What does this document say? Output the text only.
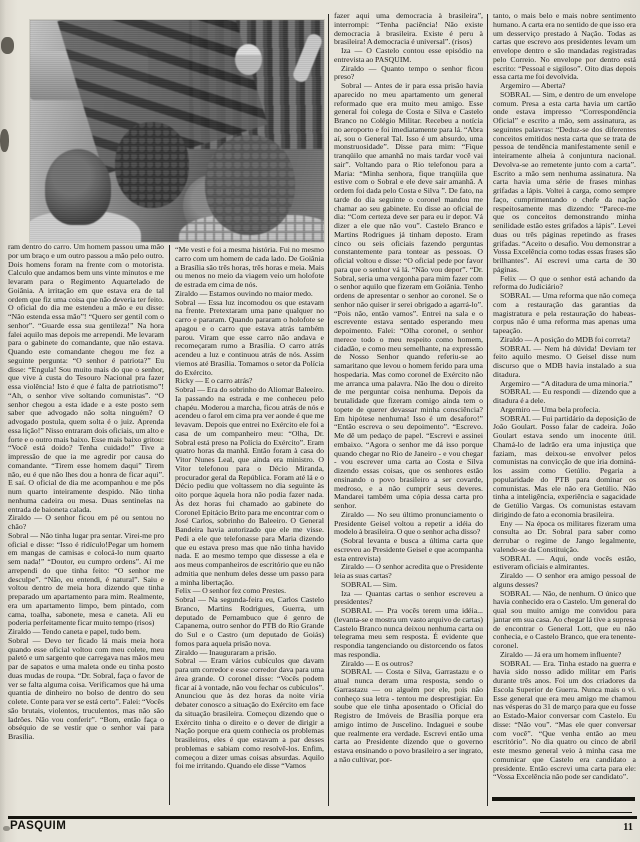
ram dentro do carro. Um homem passou uma mão por um braço e um outro passou a mão pelo outro. Dois homens foram na frente com o motorista. Calculo que andamos bem uns vinte minutos e me levaram para o Regimento Aquartelado de Goiânia. A irritação em que estava era de tal ordem que fiz uma coisa que não deveria ter feito. O oficial do dia me estendeu a mão e eu disse: “Não estenda essa mão”! “Quero ser gentil com o senhor”. “Guarde essa sua gentileza!” Na hora falei aquilo mas depois me arrependi. Me levaram para o gabinete do comandante, que não estava. Quando este comandante chegou me fez a seguinte pergunta: “O senhor é patriota?” Eu disse: “Engula! Sou muito mais do que o senhor, que vive à custa do Tesouro Nacional pra fazer essa violência! Isto é que é falta de patriotismo”! “Ah, o senhor vive soltando comunistas”. “O senhor chegou a esta idade e a este posto sem saber que advogado não solta ninguém? O advogado postula, quem solta é o juiz. Aprenda essa lição!” Nisso entraram dois oficiais, um alto e forte e o outro mais baixo. Esse mais baixo gritou: “Você está doido? Tenha cuidado!” Tive a impressão de que ia me agredir por causa do comandante. “Tirem esse homem daqui” Tirem não, eu é que não lhes dou a honra de ficar aqui”. E saí. O oficial de dia me acompanhou e me pôs num quarto inteiramente despido. Não tinha nenhuma cadeira ou mesa. Duas sentinelas na entrada de baioneta calada.

Ziraldo — O senhor ficou em pé ou sentou no chão?

Sobral — Não tinha lugar pra sentar. Virei-me pro oficial e disse: “Isso é ridículo!Pegar um homem em mangas de camisas e colocá-lo num quarto sem nada!” “Doutor, eu cumpro ordens”. Aí me arrependi do que tinha feito: “O senhor me desculpe”. “Não, eu entendi, é natural”. Saiu e voltou dentro de meia hora dizendo que tinha preparado um apartamento para mim. Realmente, era um apartamento limpo, bem pintado, com cama, toalha, sabonete, mesa e caneta. Ali eu poderia perfeitamente ficar muito tempo (risos)

Ziraldo — Tendo caneta e papel, tudo bem.

Sobral — Devo ter ficado lá mais meia hora quando esse oficial voltou com meu colete, meu paletó e um sargento que carregava nas mãos meu par de sapatos e uma maleta onde eu tinha posto duas mudas de roupa. “Dr. Sobral, faça o favor de ver se falta alguma coisa. Verificamos que há uma quantia de dinheiro no bolso de dentro do seu colete. Conte para ver se está certo”. Falei: “Vocês são brutais, violentos, truculentos, mas não são ladrões. Não vou conferir”. “Bom, então faça o obséquio de se vestir que o senhor vai para Brasília.

“Me vesti e foi a mesma história. Fui no mesmo carro com um homem de cada lado. De Goiânia a Brasília são três horas, três horas e meia. Mais ou menos no meio da viagem veio um holofote de estrada em cima de nós.

Ziraldo — Estamos ouvindo no maior medo.

Sobral — Essa luz incomodou os que estavam na frente. Pretextaram uma pane qualquer no carro e pararam. Quando pararam o holofote se apagou e o carro que estava atrás também parou. Viram que esse carro não andava e recomeçaram rumo a Brasília. O carro atrás acendeu a luz e continuou atrás de nós. Assim viemos até Brasília. Tomamos o setor da Polícia do Exército.

Ricky — E o carro atrás?

Sobral — Era do sobrinho do Aliomar Baleeiro. Ia passando na estrada e me conheceu pelo chapéu. Moderou a marcha, ficou atrás de nós e acendeu o farol em cima pra ver aonde é que me levavam. Depois que entrei no Exército ele foi a casa de um companheiro meu: “Olha, Dr. Sobral está preso na Polícia do Exército”. Eram quatro horas da manhã. Então foram à casa do Vitor Nunes Leal, que ainda era ministro. O Vitor telefonou para o Décio Miranda, procurador geral da República. Foram até lá e o Décio pediu que voltassem no dia seguinte às oito porque àquela hora não podia fazer nada. Às dez horas fui chamado ao gabinete do Coronel Epitácio Brito para me encontrar com o José Carlos, sobrinho do Baleeiro. O General Bandeira havia autorizado que ele me visse. Pedi a ele que telefonasse para Maria dizendo que eu estava preso mas que não tinha havido nada. E ao mesmo tempo que dissesse a ela e aos meus companheiros de escritório que eu não admitia que nenhum deles desse um passo para a minha libertação.

Felix — O senhor fez como Prestes.

Sobral — Na segunda-feira eu, Carlos Castelo Branco, Martins Rodrigues, Guerra, um deputado de Pernambuco que é genro de Capanema, outro senhor do PTB do Rio Grande do Sul e o Castro (um deputado de Goiás) fomos para aquela prisão nova.

Ziraldo — Inauguraram a prisão.

Sobral — Eram vários cubículos que davam para um corredor e esse corredor dava para uma área grande. O coronel disse: “Vocês podem ficar aí à vontade, não vou fechar os cubículos”. Anunciou que às dez horas da noite viria debater conosco a situação do Exército em face da situação brasileira. Começou dizendo que o Exército tinha o direito e o dever de dirigir a Nação porque era quem conhecia os problemas brasileiros, eles é que estavam a par desses problemas e sabiam como resolvê-los. Enfim, começou a dizer umas coisas absurdas. Aquilo foi me irritando. Quando ele disse “Vamos

fazer aqui uma democracia à brasileira”, interrompi: “Tenha paciência! Não existe democracia à brasileira. Existe é peru à brasileira! A democracia é universal”. (risos)

Iza — O Castelo contou esse episódio na entrevista ao PASQUIM.

Ziraldo — Quanto tempo o senhor ficou preso?

Sobral — Antes de ir para essa prisão havia aparecido no meu apartamento um general reformado que era muito meu amigo. Esse general foi colega de Costa e Silva e Castelo Branco no Colégio Militar. Recebeu a notícia no aeroporto e foi imediatamente para lá. “Abra aí, sou o General Tal. Isso é um absurdo, uma monstruosidade”. Disse para mim: “Fique tranqüilo que amanhã no mais tardar você vai sair”. Voltando para o Rio telefonou para a Maria: “Minha senhora, fique tranqüila que estive com o Sobral e ele deve sair amanhã. A ordem foi dada pelo Costa e Silva ”. De fato, na tarde do dia seguinte o coronel mandou me chamar ao seu gabinete. Eu disse ao oficial de dia: “Com certeza deve ser para eu ir depor. Vá dizer a ele que não vou”. Castelo Branco e Martins Rodrigues já tinham deposto. Eram cinco ou seis oficiais fazendo perguntas constantemente para tontear as pessoas. O oficial voltou e disse: “O oficial pede por favor para que o senhor vá lá. “Não vou depor”. “Dr. Sobral, seria uma vergonha para mim fazer com o senhor aquilo que fizeram em Goiânia. Tenho ordens de apresentar o senhor ao coronel. Se o senhor não quiser ir serei obrigado a agarrá-lo”. “Pois não, então vamos”. Entrei na sala e o escrevente estava sentado esperando meu depoimento. Falei: “Olha coronel, o senhor merece todo o meu respeito como homem, cidadão, e como meu semelhante, na expressão de Nosso Senhor quando referiu-se ao samaritano que levou o homem ferido para uma hospedaria. Mas como coronel de Exército não me arranca uma palavra. Não lhe dou o direito de me perguntar coisa nenhuma. Depois da brutalidade que fizeram comigo ainda tem o topete de querer devassar minha consciência? Em hipótese nenhuma! Isso é um desaforo!” “Então escreva o seu depoimento”. “Escrevo. Me dê um pedaço de papel. “Escrevi e assinei embaixo. “Agora o senhor me dá isso porque quando chegar no Rio de Janeiro - e vou chegar - vou escrever uma carta ao Costa e Silva dizendo essas coisas, que os senhores estão ensinando o povo brasileiro a ser covarde, medroso, e a não cumprir seus deveres. Mandarei também uma cópia dessa carta pro senhor.

Ziraldo — No seu último pronunciamento o Presidente Geisel voltou a repetir a idéia do modelo à brasileira. O que o senhor acha disso?

(Sobral levanta e busca a última carta que escreveu ao Presidente Geisel e que acompanha esta entrevista)

Ziraldo — O senhor acredita que o Presidente leia as suas cartas?

SOBRAL — Sim.

Iza — Quantas cartas o senhor escreveu a presidentes?

SOBRAL — Pra vocês terem uma idéia... (levanta-se e mostra um vasto arquivo de cartas) Castelo Branco nunca deixou nenhuma carta ou telegrama meu sem resposta. É evidente que respondia tangenciando ou distorcendo os fatos mas respondia.

Ziraldo — E os outros?

SOBRAL — Costa e Silva, Garrastazu e o atual nunca deram uma resposta, sendo o Garrastazu — ou alguém por ele, pois não conheço sua letra - tentou me desprestigiar. Eu soube que ele tinha aposentado o Oficial do Registro de Imóveis de Brasília porque era amigo íntimo de Juscelino. Indaguei e soube que realmente era verdade. Escrevi então uma carta ao Presidente dizendo que o governo estava ensinando o povo brasileiro a ser ingrato, a não cultivar, por-

tanto, o mais belo e mais nobre sentimento humano. A carta era no sentido de que isso era um desserviço prestado à Nação. Todas as cartas que escrevo aos presidentes levam um envelope dentro e são mandadas registradas pelo Correio. No envelope por dentro está escrito: “Pessoal e sigiloso”. Oito dias depois essa carta me foi devolvida.

Argemiro — Aberta?

SOBRAL — Sim, e dentro de um envelope comum. Presa a esta carta havia um cartão onde estava impresso “Correspondência Oficial” e escrito a mão, sem assinatura, as seguintes palavras: “Deduz-se dos diferentes conceitos emitidos nesta carta que se trata de pessoa de tendência manifestamente senil e inteiramente alheia à conjuntura nacional. Devolva-se ao remetente junto com a carta”. Escrito a mão sem nenhuma assinatura. Na carta havia uma série de frases minhas grifadas a lápis. Voltei à carga, como sempre faço, cumprimentando o chefe da nação respeitosamente mas dizendo: “Parece-me que os conceitos demonstrando minha senilidade estão estes grifados a lápis”. Levei duas ou três páginas repetindo as frases grifadas. “Aceito o desafio. Vou demonstrar a Vossa Excelência como todas essas frases são brilhantes”. Aí escrevi uma carta de 30 páginas.

Felix — O que o senhor está achando da reforma do Judiciário?

SOBRAL — Uma reforma que não começa com a restauração das garantias da magistratura e pela restauração do habeas-corpus não é uma reforma mas apenas uma tapeação.

Ziraldo — A posição do MDB foi correta?

SOBRAL — Nem há dúvida! Deviam ter feito aquilo mesmo. O Geisel disse num discurso que o MDB havia instalado a sua ditadura.

Argemiro — “A ditadura de uma minoria.”

SOBRAL — Eu respondi — dizendo que a ditadura é a dele.

Argemiro — Uma bela profecia.

SOBRAL — Fui partidário da deposição de João Goulart. Posso falar de cadeira. João Goulart estava sendo um inocente útil. Chamá-lo de ladrão era uma injustiça que faziam, mas deixou-se envolver pelos comunistas na convicção de que iria dominá-los assim como Getúlio. Pegaria a popularidade do PTB para dominar os comunistas. Mas ele não era Getúlio. Não tinha a inteligência, experiência e sagacidade de Getúlio Vargas. Os comunistas estavam dirigindo de fato a economia brasileira.

Eny — Na época os militares fizeram uma consulta ao Dr. Sobral para saber como derrubar o regime de Jango legalmente, valendo-se da Constituição.

SOBRAL — Aqui, onde vocês estão, estiveram oficiais e almirantes.

Ziraldo — O senhor era amigo pessoal de alguns desses?

SOBRAL — Não, de nenhum. O único que havia conhecido era o Castelo. Um general do qual sou muito amigo me convidou para jantar em sua casa. Ao chegar lá tive a supresa de encontrar o General Lott, que eu não conhecia, e o Castelo Branco, que era tenente-coronel.

Ziraldo — Já era um homem influente?

SOBRAL — Era. Tinha estado na guerra e havia sido nosso adido militar em Paris durante três anos. Foi um dos criadores da Escola Superior de Guerra. Nunca mais o vi. Esse general que era meu amigo me chamou nas vésperas do 31 de março para que eu fosse ao Estado-Maior conversar com Castelo. Eu disse: “Não vou”. “Mas ele quer conversar com você”. “Que venha então ao meu escritório”. No dia quatro ou cinco de abril este mesmo general veio à minha casa me comunicar que Castelo era candidato a presidente. Então escrevi uma carta para ele: “Vossa Excelência não pode ser candidato”.

PASQUIM	11
